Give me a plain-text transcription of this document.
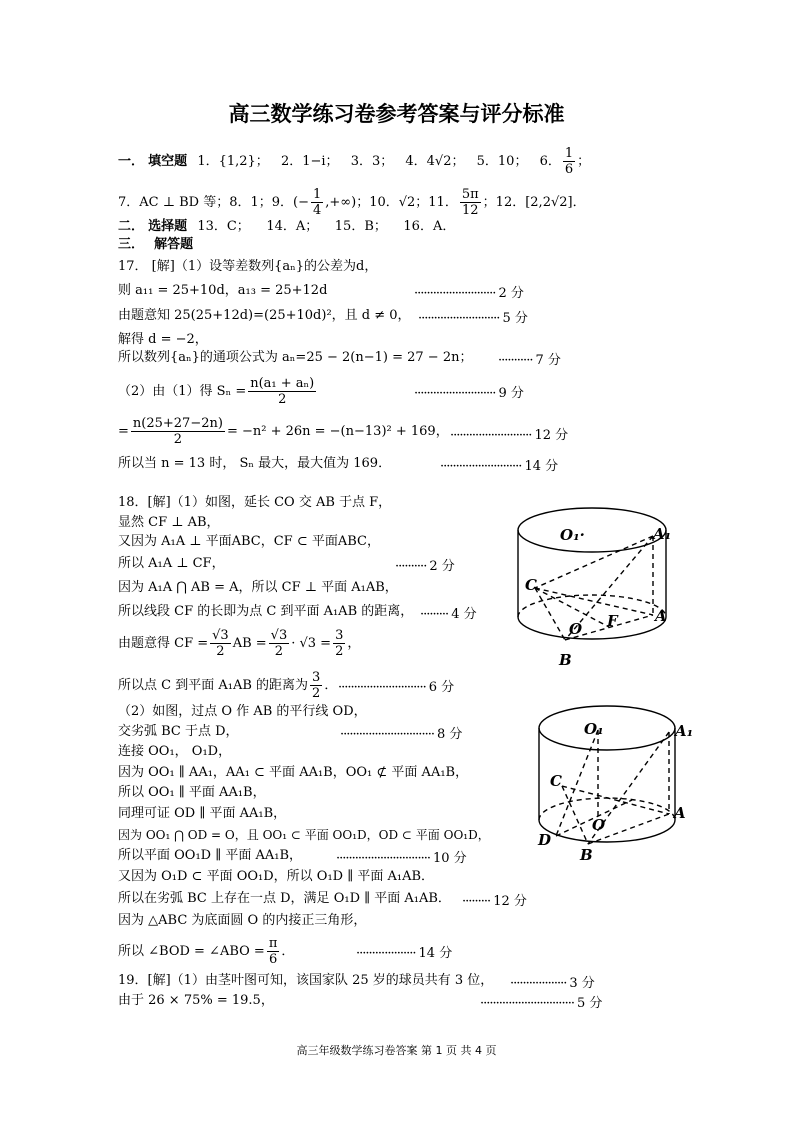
高三数学练习卷参考答案与评分标准
一． 填空题 1．{1,2}； 2．1−i； 3．3； 4．4√2； 5．10； 6． $\frac{1}{6}$ ；
7．AC ⊥ BD 等；8．1；9．(− $\frac{1}{4}$ ,+∞)；10．√2；11． $\frac{5\pi}{12}$ ；12．[2,2√2]．
二． 选择题 13．C；    14．A；    15．B；    16．A．
三． 解答题
17． [解]（1）设等差数列{aₙ}的公差为d，
则 a₁₁ = 25+10d，a₁₃ = 25+12d
由题意知 25(25+12d)=(25+10d)²，且 d ≠ 0，
解得 d = −2，
所以数列{aₙ}的通项公式为 aₙ=25 − 2(n−1) = 27 − 2n；
（2）由（1）得 $S_n = \frac{\text{n(a₁ + aₙ)}}{2}$
= $\frac{n(25+27-2n)}{2} = -n^2 + 26n = -(n-13)^2 + 169$，
所以当 n = 13 时， Sₙ 最大，最大值为 169．
·························· 2 分
·························· 5 分
··········· 7 分
·························· 9 分
·························· 12 分
·························· 14 分
18．[解]（1）如图，延长 CO 交 AB 于点 F，
显然 CF ⊥ AB，
又因为 A₁A ⊥ 平面ABC，CF ⊂ 平面ABC，
所以 A₁A ⊥ CF，
因为 A₁A ⋂ AB = A，所以 CF ⊥ 平面 A₁AB，
所以线段 CF 的长即为点 C 到平面 A₁AB 的距离，
由题意得 CF = $\frac{√3}{2}$ AB = $\frac{√3}{2} \cdot √3 = \frac{3}{2}$ ，
所以点 C 到平面 A₁AB 的距离为 $\frac{3}{2}$ ．
（2）如图，过点 O 作 AB 的平行线 OD，
交劣弧 BC 于点 D，
连接 OO₁， O₁D，
因为 OO₁ ∥ AA₁，AA₁ ⊂ 平面 AA₁B，OO₁ ⊄ 平面 AA₁B，
所以 OO₁ ∥ 平面 AA₁B，
同理可证 OD ∥ 平面 AA₁B，
因为 OO₁ ⋂ OD = O，且 OO₁ ⊂ 平面 OO₁D，OD ⊂ 平面 OO₁D，
所以平面 OO₁D ∥ 平面 AA₁B，
又因为 O₁D ⊂ 平面 OO₁D，所以 O₁D ∥ 平面 A₁AB．
所以在劣弧 BC 上存在一点 D，满足 O₁D ∥ 平面 A₁AB．
因为 △ABC 为底面圆 O 的内接正三角形，
所以 ∠BOD = ∠ABO = $\frac{\pi}{6}$ ．
·········· 2 分
········· 4 分
···························· 6 分
······························ 8 分
······························ 10 分
········· 12 分
··················· 14 分
19．[解]（1）由茎叶图可知，该国家队 25 岁的球员共有 3 位，
由于 26 × 75% = 19.5，
·················· 3 分
······························ 5 分
O₁·	A₁
C
O F A
B
O₁	A₁
C
O
A
D
B
高三年级数学练习卷答案 第 1 页 共 4 页
